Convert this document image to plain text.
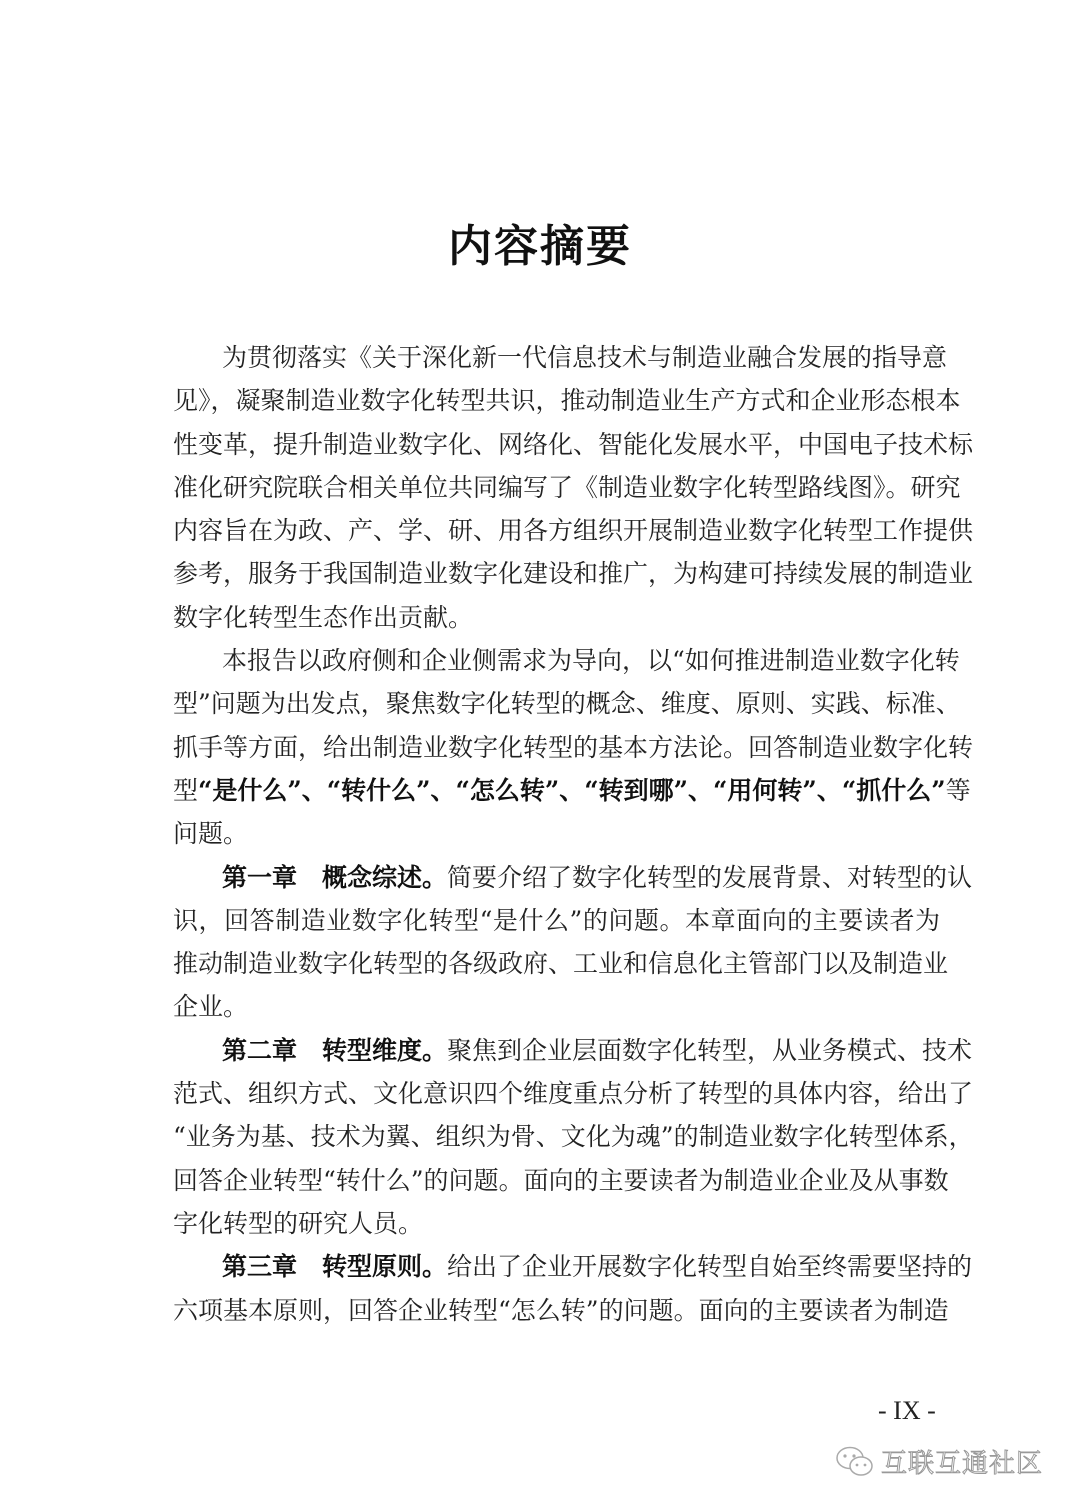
内容摘要
为贯彻落实《关于深化新一代信息技术与制造业融合发展的指导意
见》，凝聚制造业数字化转型共识，推动制造业生产方式和企业形态根本
性变革，提升制造业数字化、网络化、智能化发展水平，中国电子技术标
准化研究院联合相关单位共同编写了《制造业数字化转型路线图》。研究
内容旨在为政、产、学、研、用各方组织开展制造业数字化转型工作提供
参考，服务于我国制造业数字化建设和推广，为构建可持续发展的制造业
数字化转型生态作出贡献。
本报告以政府侧和企业侧需求为导向，以“如何推进制造业数字化转
型”问题为出发点，聚焦数字化转型的概念、维度、原则、实践、标准、
抓手等方面，给出制造业数字化转型的基本方法论。回答制造业数字化转
型“是什么”、“转什么”、“怎么转”、“转到哪”、“用何转”、“抓什么”等
问题。
第一章　概念综述。简要介绍了数字化转型的发展背景、对转型的认
识，回答制造业数字化转型“是什么”的问题。本章面向的主要读者为
推动制造业数字化转型的各级政府、工业和信息化主管部门以及制造业
企业。
第二章　转型维度。聚焦到企业层面数字化转型，从业务模式、技术
范式、组织方式、文化意识四个维度重点分析了转型的具体内容，给出了
“业务为基、技术为翼、组织为骨、文化为魂”的制造业数字化转型体系，
回答企业转型“转什么”的问题。面向的主要读者为制造业企业及从事数
字化转型的研究人员。
第三章　转型原则。给出了企业开展数字化转型自始至终需要坚持的
六项基本原则，回答企业转型“怎么转”的问题。面向的主要读者为制造
- IX -
互联互通社区
